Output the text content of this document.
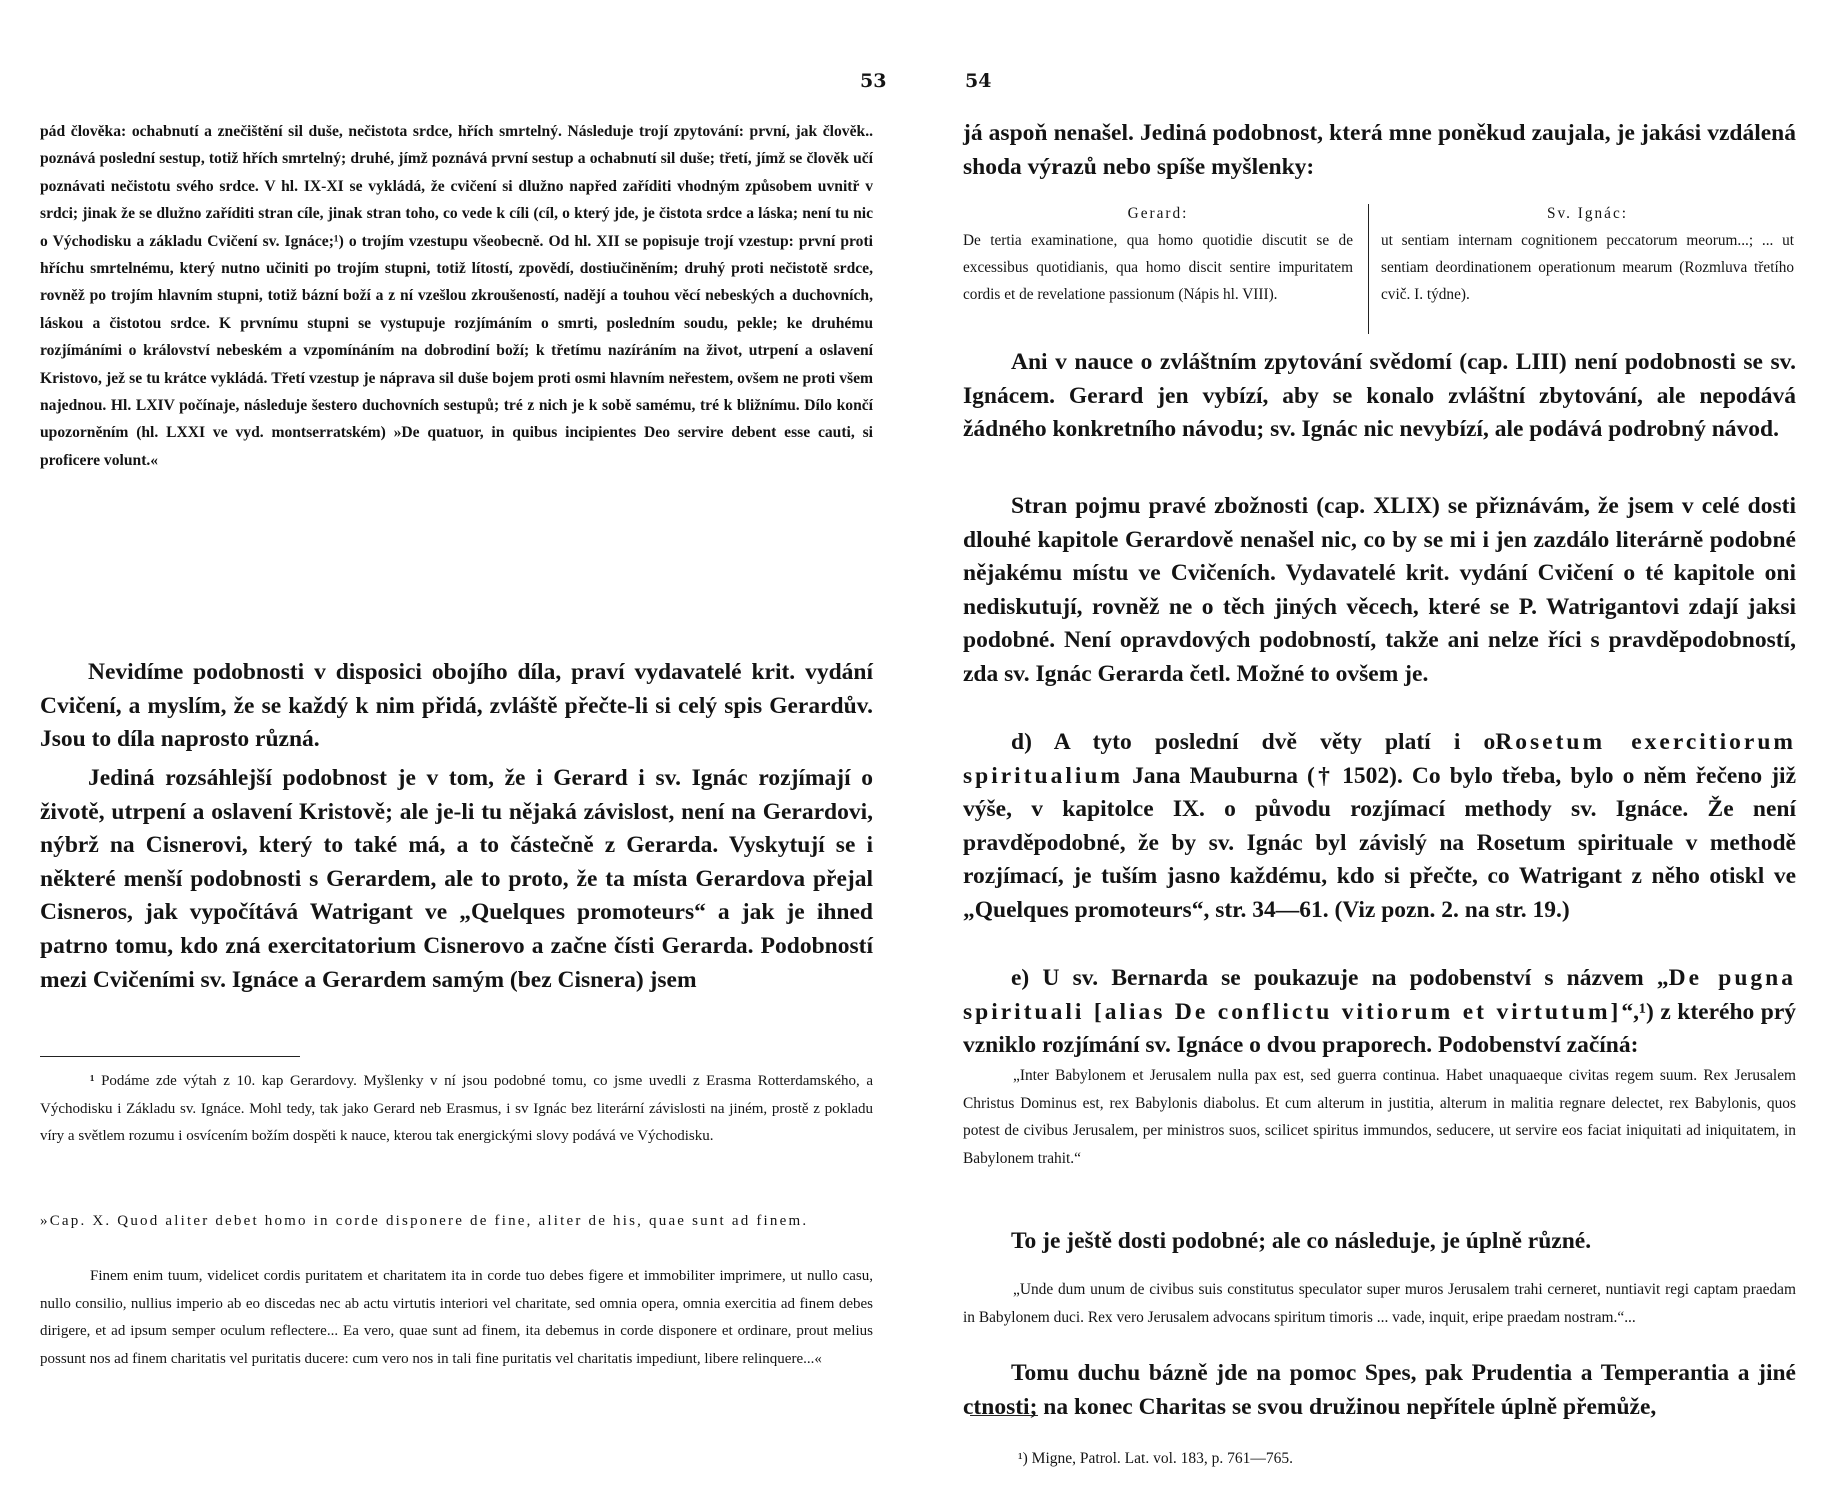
53
pád člověka: ochabnutí a znečištění sil duše, nečistota srdce, hřích smrtelný. Následuje trojí zpytování: první, jak člověk.. poznává poslední sestup, totiž hřích smrtelný; druhé, jímž poznává první sestup a ochabnutí sil duše; třetí, jímž se člověk učí poznávati nečistotu svého srdce. V hl. IX-XI se vykládá, že cvičení si dlužno napřed zaříditi vhodným způsobem uvnitř v srdci; jinak že se dlužno zaříditi stran cíle, jinak stran toho, co vede k cíli (cíl, o který jde, je čistota srdce a láska; není tu nic o Východisku a základu Cvičení sv. Ignáce;¹) o trojím vzestupu všeobecně. Od hl. XII se popisuje trojí vzestup: první proti hříchu smrtelnému, který nutno učiniti po trojím stupni, totiž lítostí, zpovědí, dostiučiněním; druhý proti nečistotě srdce, rovněž po trojím hlavním stupni, totiž bázní boží a z ní vzešlou zkroušeností, nadějí a touhou věcí nebeských a duchovních, láskou a čistotou srdce. K prvnímu stupni se vystupuje rozjímáním o smrti, posledním soudu, pekle; ke druhému rozjímáními o království nebeském a vzpomínáním na dobrodiní boží; k třetímu nazíráním na život, utrpení a oslavení Kristovo, jež se tu krátce vykládá. Třetí vzestup je náprava sil duše bojem proti osmi hlavním neřestem, ovšem ne proti všem najednou. Hl. LXIV počínaje, následuje šestero duchovních sestupů; tré z nich je k sobě samému, tré k bližnímu. Dílo končí upozorněním (hl. LXXI ve vyd. montserratském) »De quatuor, in quibus incipientes Deo servire debent esse cauti, si proficere volunt.«

Nevidíme podobnosti v disposici obojího díla, praví vydavatelé krit. vydání Cvičení, a myslím, že se každý k nim přidá, zvláště přečte-li si celý spis Gerardův. Jsou to díla naprosto různá.

Jediná rozsáhlejší podobnost je v tom, že i Gerard i sv. Ignác rozjímají o životě, utrpení a oslavení Kristově; ale je-li tu nějaká závislost, není na Gerardovi, nýbrž na Cisnerovi, který to také má, a to částečně z Gerarda. Vyskytují se i některé menší podobnosti s Gerardem, ale to proto, že ta místa Gerardova přejal Cisneros, jak vypočítává Watrigant ve „Quelques promoteurs“ a jak je ihned patrno tomu, kdo zná exercitatorium Cisnerovo a začne čísti Gerarda. Podobností mezi Cvičeními sv. Ignáce a Gerardem samým (bez Cisnera) jsem

¹ Podáme zde výtah z 10. kap Gerardovy. Myšlenky v ní jsou podobné tomu, co jsme uvedli z Erasma Rotterdamského, a Východisku i Základu sv. Ignáce. Mohl tedy, tak jako Gerard neb Erasmus, i sv Ignác bez literární závislosti na jiném, prostě z pokladu víry a světlem rozumu i osvícením božím dospěti k nauce, kterou tak energickými slovy podává ve Východisku.
»Cap. X. Quod aliter debet homo in corde disponere de fine, aliter de his, quae sunt ad finem.
Finem enim tuum, videlicet cordis puritatem et charitatem ita in corde tuo debes figere et immobiliter imprimere, ut nullo casu, nullo consilio, nullius imperio ab eo discedas nec ab actu virtutis interiori vel charitate, sed omnia opera, omnia exercitia ad finem debes dirigere, et ad ipsum semper oculum reflectere... Ea vero, quae sunt ad finem, ita debemus in corde disponere et ordinare, prout melius possunt nos ad finem charitatis vel puritatis ducere: cum vero nos in tali fine puritatis vel charitatis impediunt, libere relinquere...«
54

já aspoň nenašel. Jediná podobnost, která mne poněkud zaujala, je jakási vzdálená shoda výrazů nebo spíše myšlenky:

Gerard:
De tertia examinatione, qua homo quotidie discutit se de excessibus quotidianis, qua homo discit sentire impuritatem cordis et de revelatione passionum (Nápis hl. VIII).
Sv. Ignác:
ut sentiam internam cognitionem peccatorum meorum...; ... ut sentiam deordinationem operationum mearum (Rozmluva třetího cvič. I. týdne).

Ani v nauce o zvláštním zpytování svědomí (cap. LIII) není podobnosti se sv. Ignácem. Gerard jen vybízí, aby se konalo zvláštní zbytování, ale nepodává žádného konkretního návodu; sv. Ignác nic nevybízí, ale podává podrobný návod.

Stran pojmu pravé zbožnosti (cap. XLIX) se přiznávám, že jsem v celé dosti dlouhé kapitole Gerardově nenašel nic, co by se mi i jen zazdálo literárně podobné nějakému místu ve Cvičeních. Vydavatelé krit. vydání Cvičení o té kapitole oni nediskutují, rovněž ne o těch jiných věcech, které se P. Watrigantovi zdají jaksi podobné. Není opravdových podobností, takže ani nelze říci s pravděpodobností, zda sv. Ignác Gerarda četl. Možné to ovšem je.

d) A tyto poslední dvě věty platí i oRosetum exercitiorum spiritualium Jana Mauburna († 1502). Co bylo třeba, bylo o něm řečeno již výše, v kapitolce IX. o původu rozjímací methody sv. Ignáce. Že není pravděpodobné, že by sv. Ignác byl závislý na Rosetum spirituale v methodě rozjímací, je tuším jasno každému, kdo si přečte, co Watrigant z něho otiskl ve „Quelques promoteurs“, str. 34—61. (Viz pozn. 2. na str. 19.)

e) U sv. Bernarda se poukazuje na podobenství s názvem „De pugna spirituali [alias De conflictu vitiorum et virtutum]“,¹) z kterého prý vzniklo rozjímání sv. Ignáce o dvou praporech. Podobenství začíná:

„Inter Babylonem et Jerusalem nulla pax est, sed guerra continua. Habet unaquaeque civitas regem suum. Rex Jerusalem Christus Dominus est, rex Babylonis diabolus. Et cum alterum in justitia, alterum in malitia regnare delectet, rex Babylonis, quos potest de civibus Jerusalem, per ministros suos, scilicet spiritus immundos, seducere, ut servire eos faciat iniquitati ad iniquitatem, in Babylonem trahit.“

To je ještě dosti podobné; ale co následuje, je úplně různé.

„Unde dum unum de civibus suis constitutus speculator super muros Jerusalem trahi cerneret, nuntiavit regi captam praedam in Babylonem duci. Rex vero Jerusalem advocans spiritum timoris ... vade, inquit, eripe praedam nostram.“...

Tomu duchu bázně jde na pomoc Spes, pak Prudentia a Temperantia a jiné ctnosti; na konec Charitas se svou družinou nepřítele úplně přemůže,

¹) Migne, Patrol. Lat. vol. 183, p. 761—765.
